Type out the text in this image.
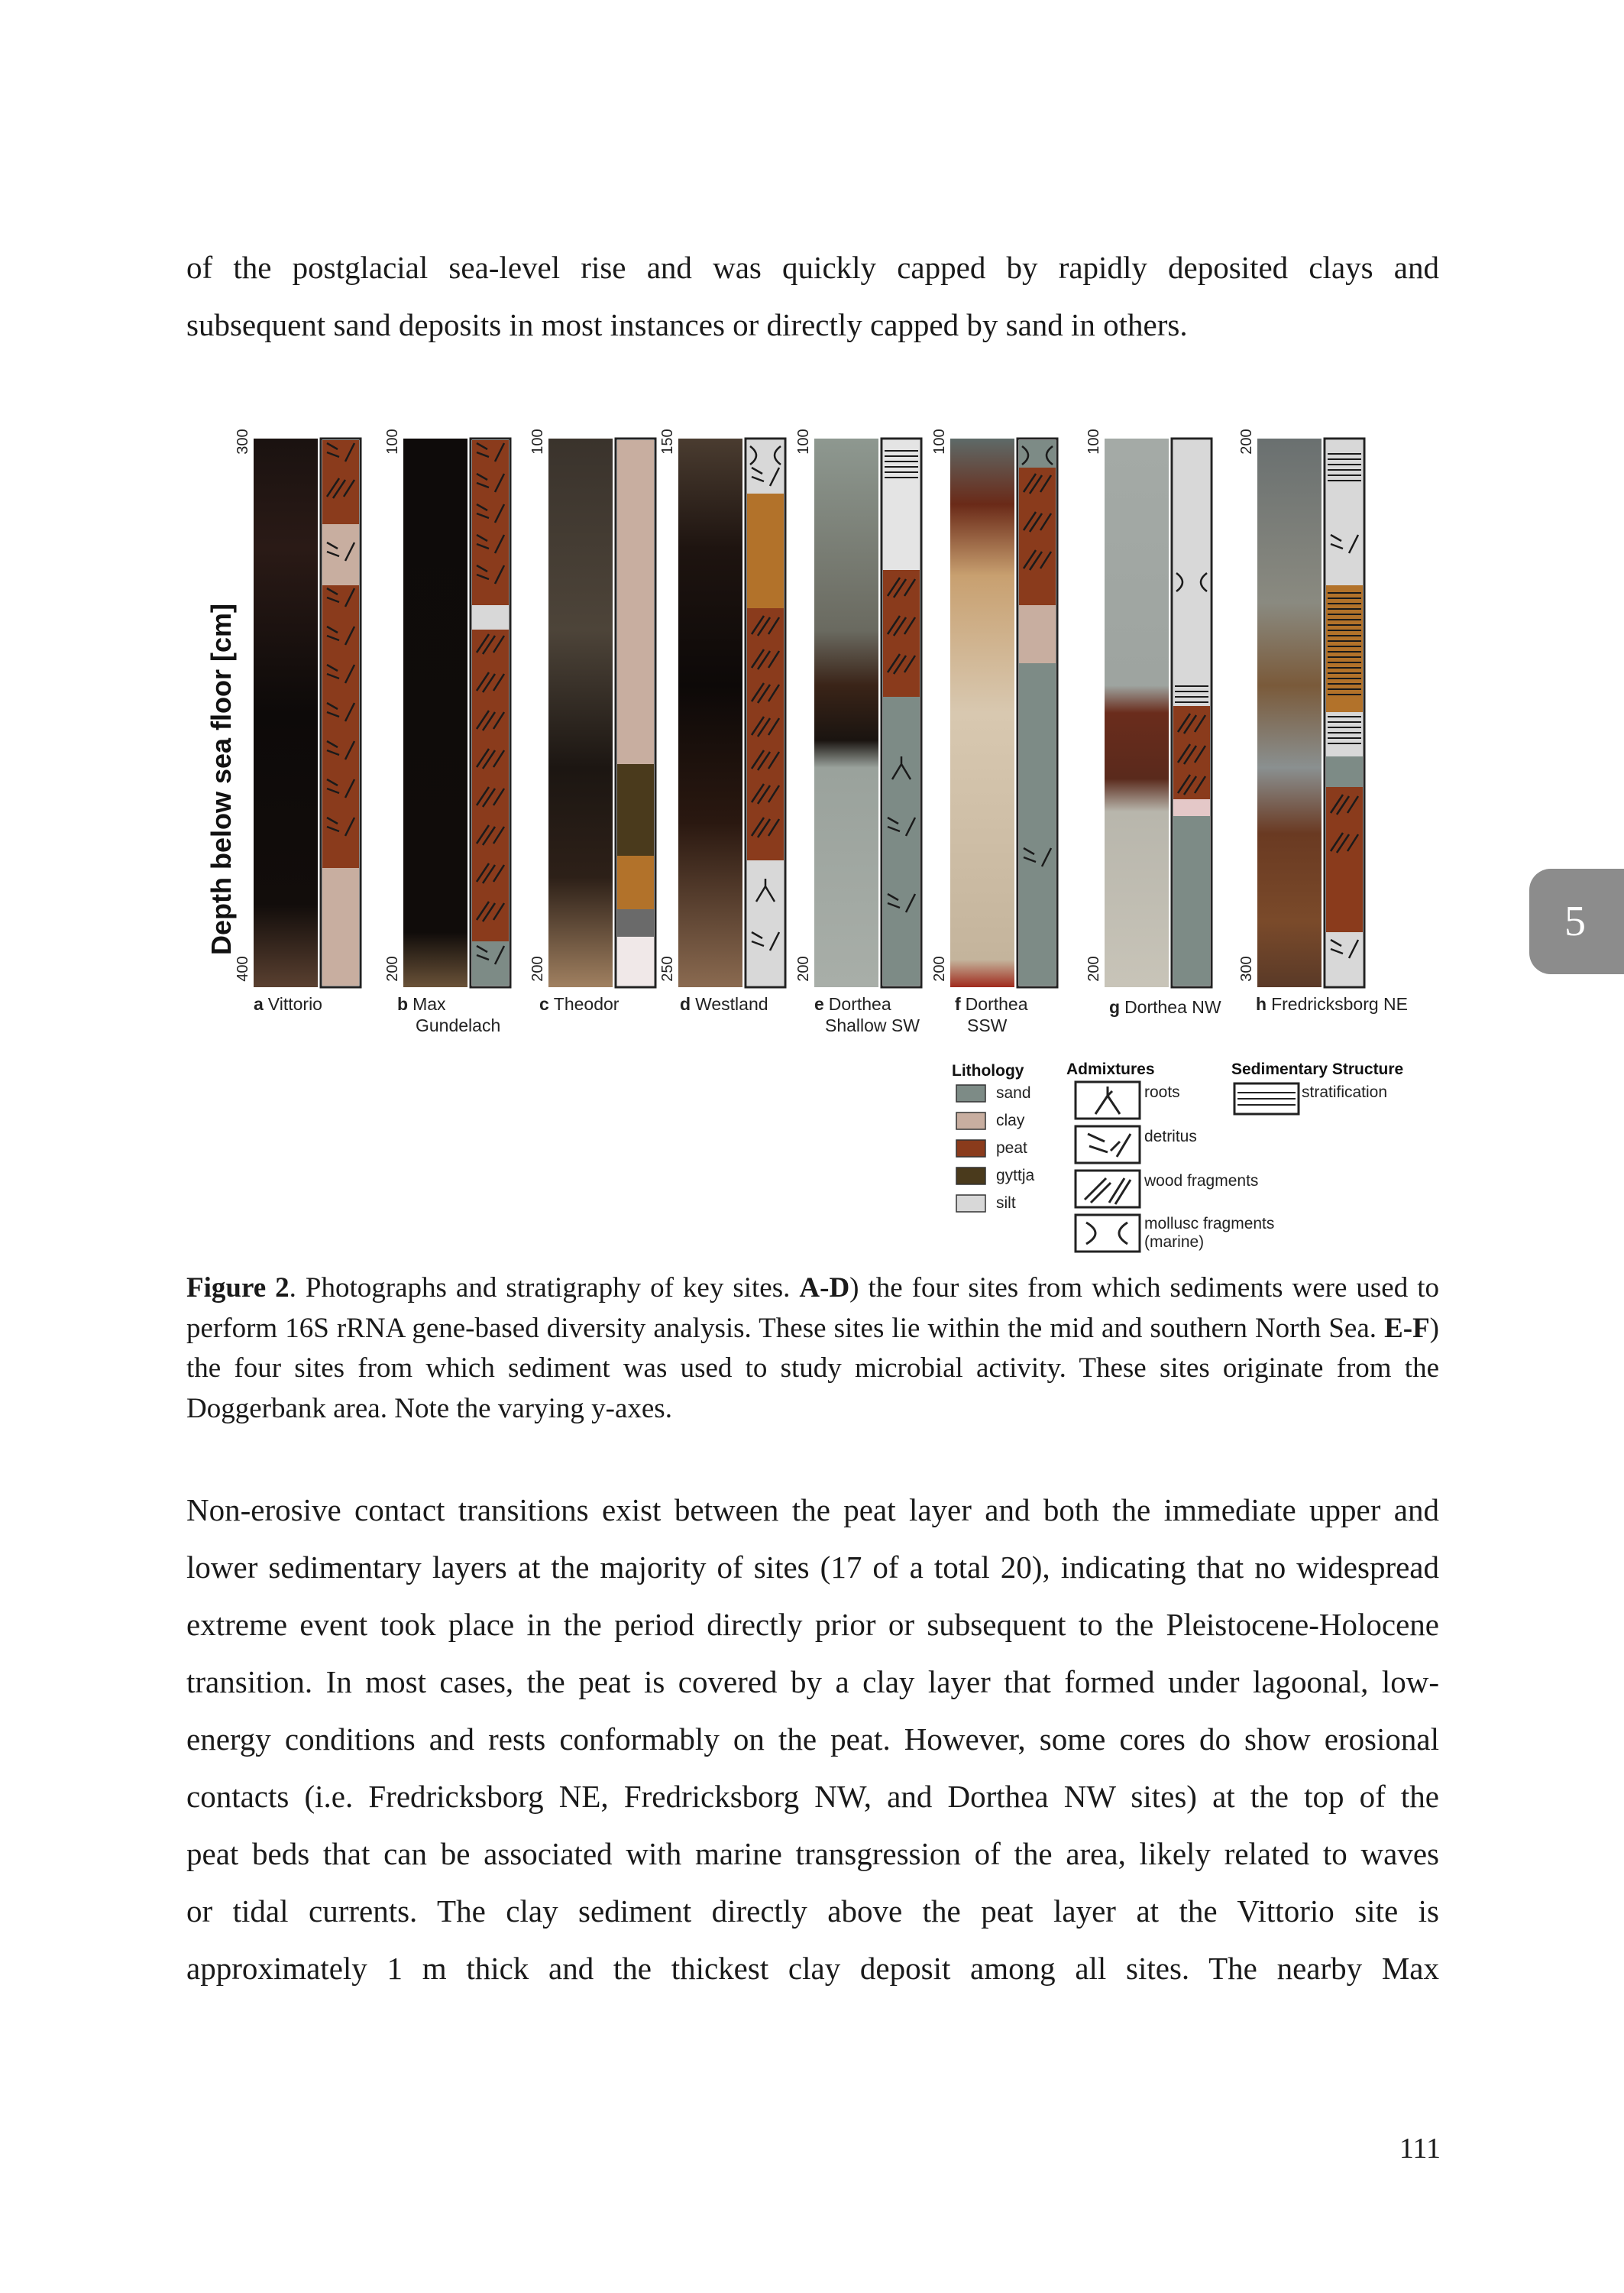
of the postglacial sea-level rise and was quickly capped by rapidly deposited clays and

subsequent sand deposits in most instances or directly capped by sand in others.

Depth below sea floor [cm]
300
400
100
200
100
200
150
250
100
200
100
200
100
200
200
300
a Vittorio	b Max
Gundelach
c Theodor	d Westland	e Dorthea
Shallow SW
f Dorthea
SSW
g Dorthea NW h Fredricksborg NE
Lithology
sand
clay
peat
gyttja
silt
Admixtures
roots
detritus
wood fragments
mollusc fragments
(marine)
Sedimentary Structure
stratification

Figure 2. Photographs and stratigraphy of key sites. A-D) the four sites from which sediments were used to perform 16S rRNA gene-based diversity analysis. These sites lie within the mid and southern North Sea. E-F) the four sites from which sediment was used to study microbial activity. These sites originate from the Doggerbank area. Note the varying y-axes.

Non-erosive contact transitions exist between the peat layer and both the immediate upper and

lower sedimentary layers at the majority of sites (17 of a total 20), indicating that no widespread

extreme event took place in the period directly prior or subsequent to the Pleistocene-Holocene

transition. In most cases, the peat is covered by a clay layer that formed under lagoonal, low-

energy conditions and rests conformably on the peat. However, some cores do show erosional

contacts (i.e. Fredricksborg NE, Fredricksborg NW, and Dorthea NW sites) at the top of the

peat beds that can be associated with marine transgression of the area, likely related to waves

or tidal currents. The clay sediment directly above the peat layer at the Vittorio site is

approximately 1 m thick and the thickest clay deposit among all sites. The nearby Max

5
111
